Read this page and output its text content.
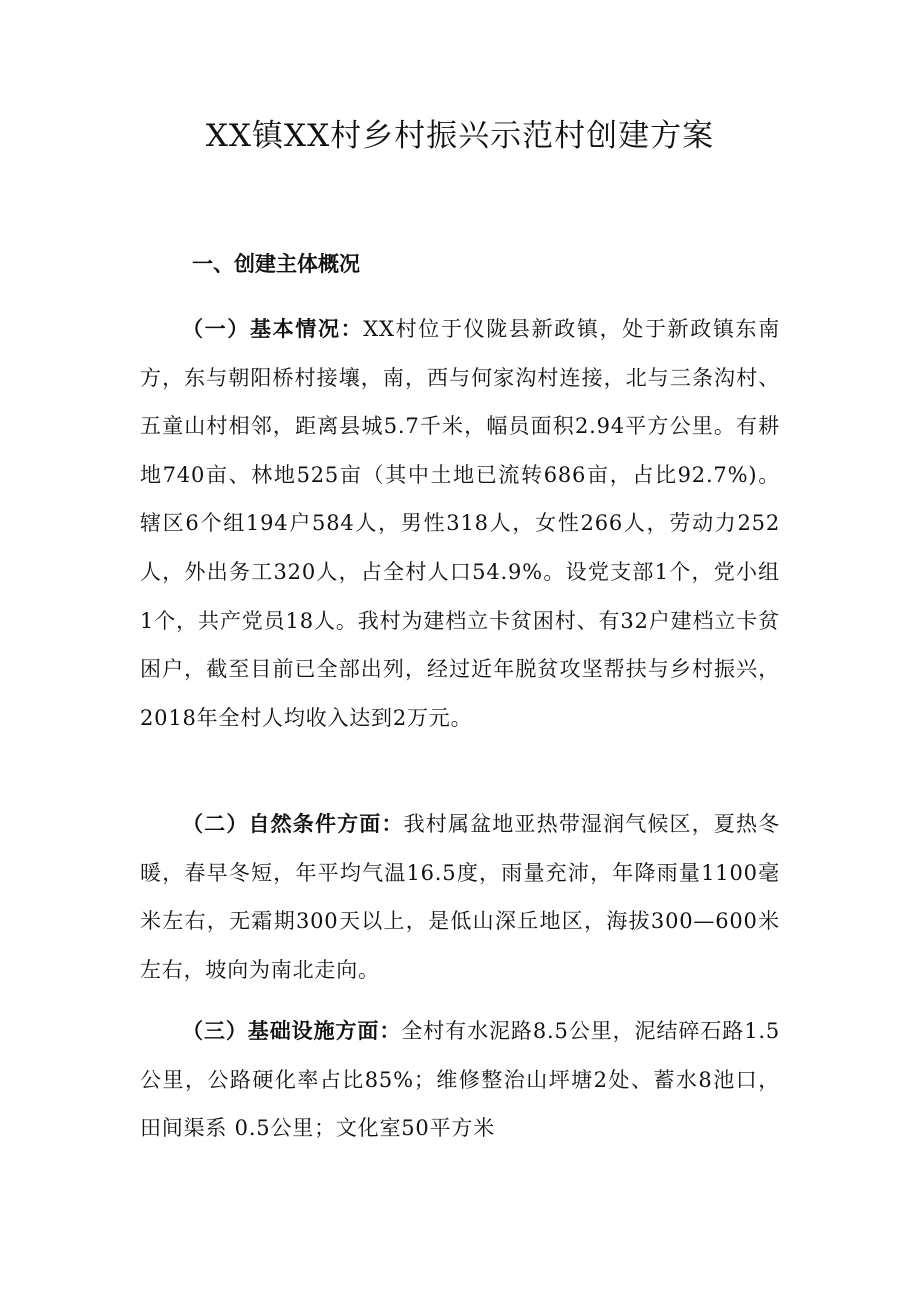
XX镇XX村乡村振兴示范村创建方案
一、创建主体概况

（一）基本情况：XX村位于仪陇县新政镇，处于新政镇东南方，东与朝阳桥村接壤，南，西与何家沟村连接，北与三条沟村、五童山村相邻，距离县城5.7千米，幅员面积2.94平方公里。有耕地740亩、林地525亩（其中土地已流转686亩，占比92.7%)。辖区6个组194户584人，男性318人，女性266人，劳动力252人，外出务工320人，占全村人口54.9%。设党支部1个，党小组1个，共产党员18人。我村为建档立卡贫困村、有32户建档立卡贫困户，截至目前已全部出列，经过近年脱贫攻坚帮扶与乡村振兴，2018年全村人均收入达到2万元。

（二）自然条件方面：我村属盆地亚热带湿润气候区，夏热冬暖，春早冬短，年平均气温16.5度，雨量充沛，年降雨量1100毫米左右，无霜期300天以上，是低山深丘地区，海拔300—600米左右，坡向为南北走向。

（三）基础设施方面：全村有水泥路8.5公里，泥结碎石路1.5公里，公路硬化率占比85%；维修整治山坪塘2处、蓄水8池口，田间渠系 0.5公里；文化室50平方米
